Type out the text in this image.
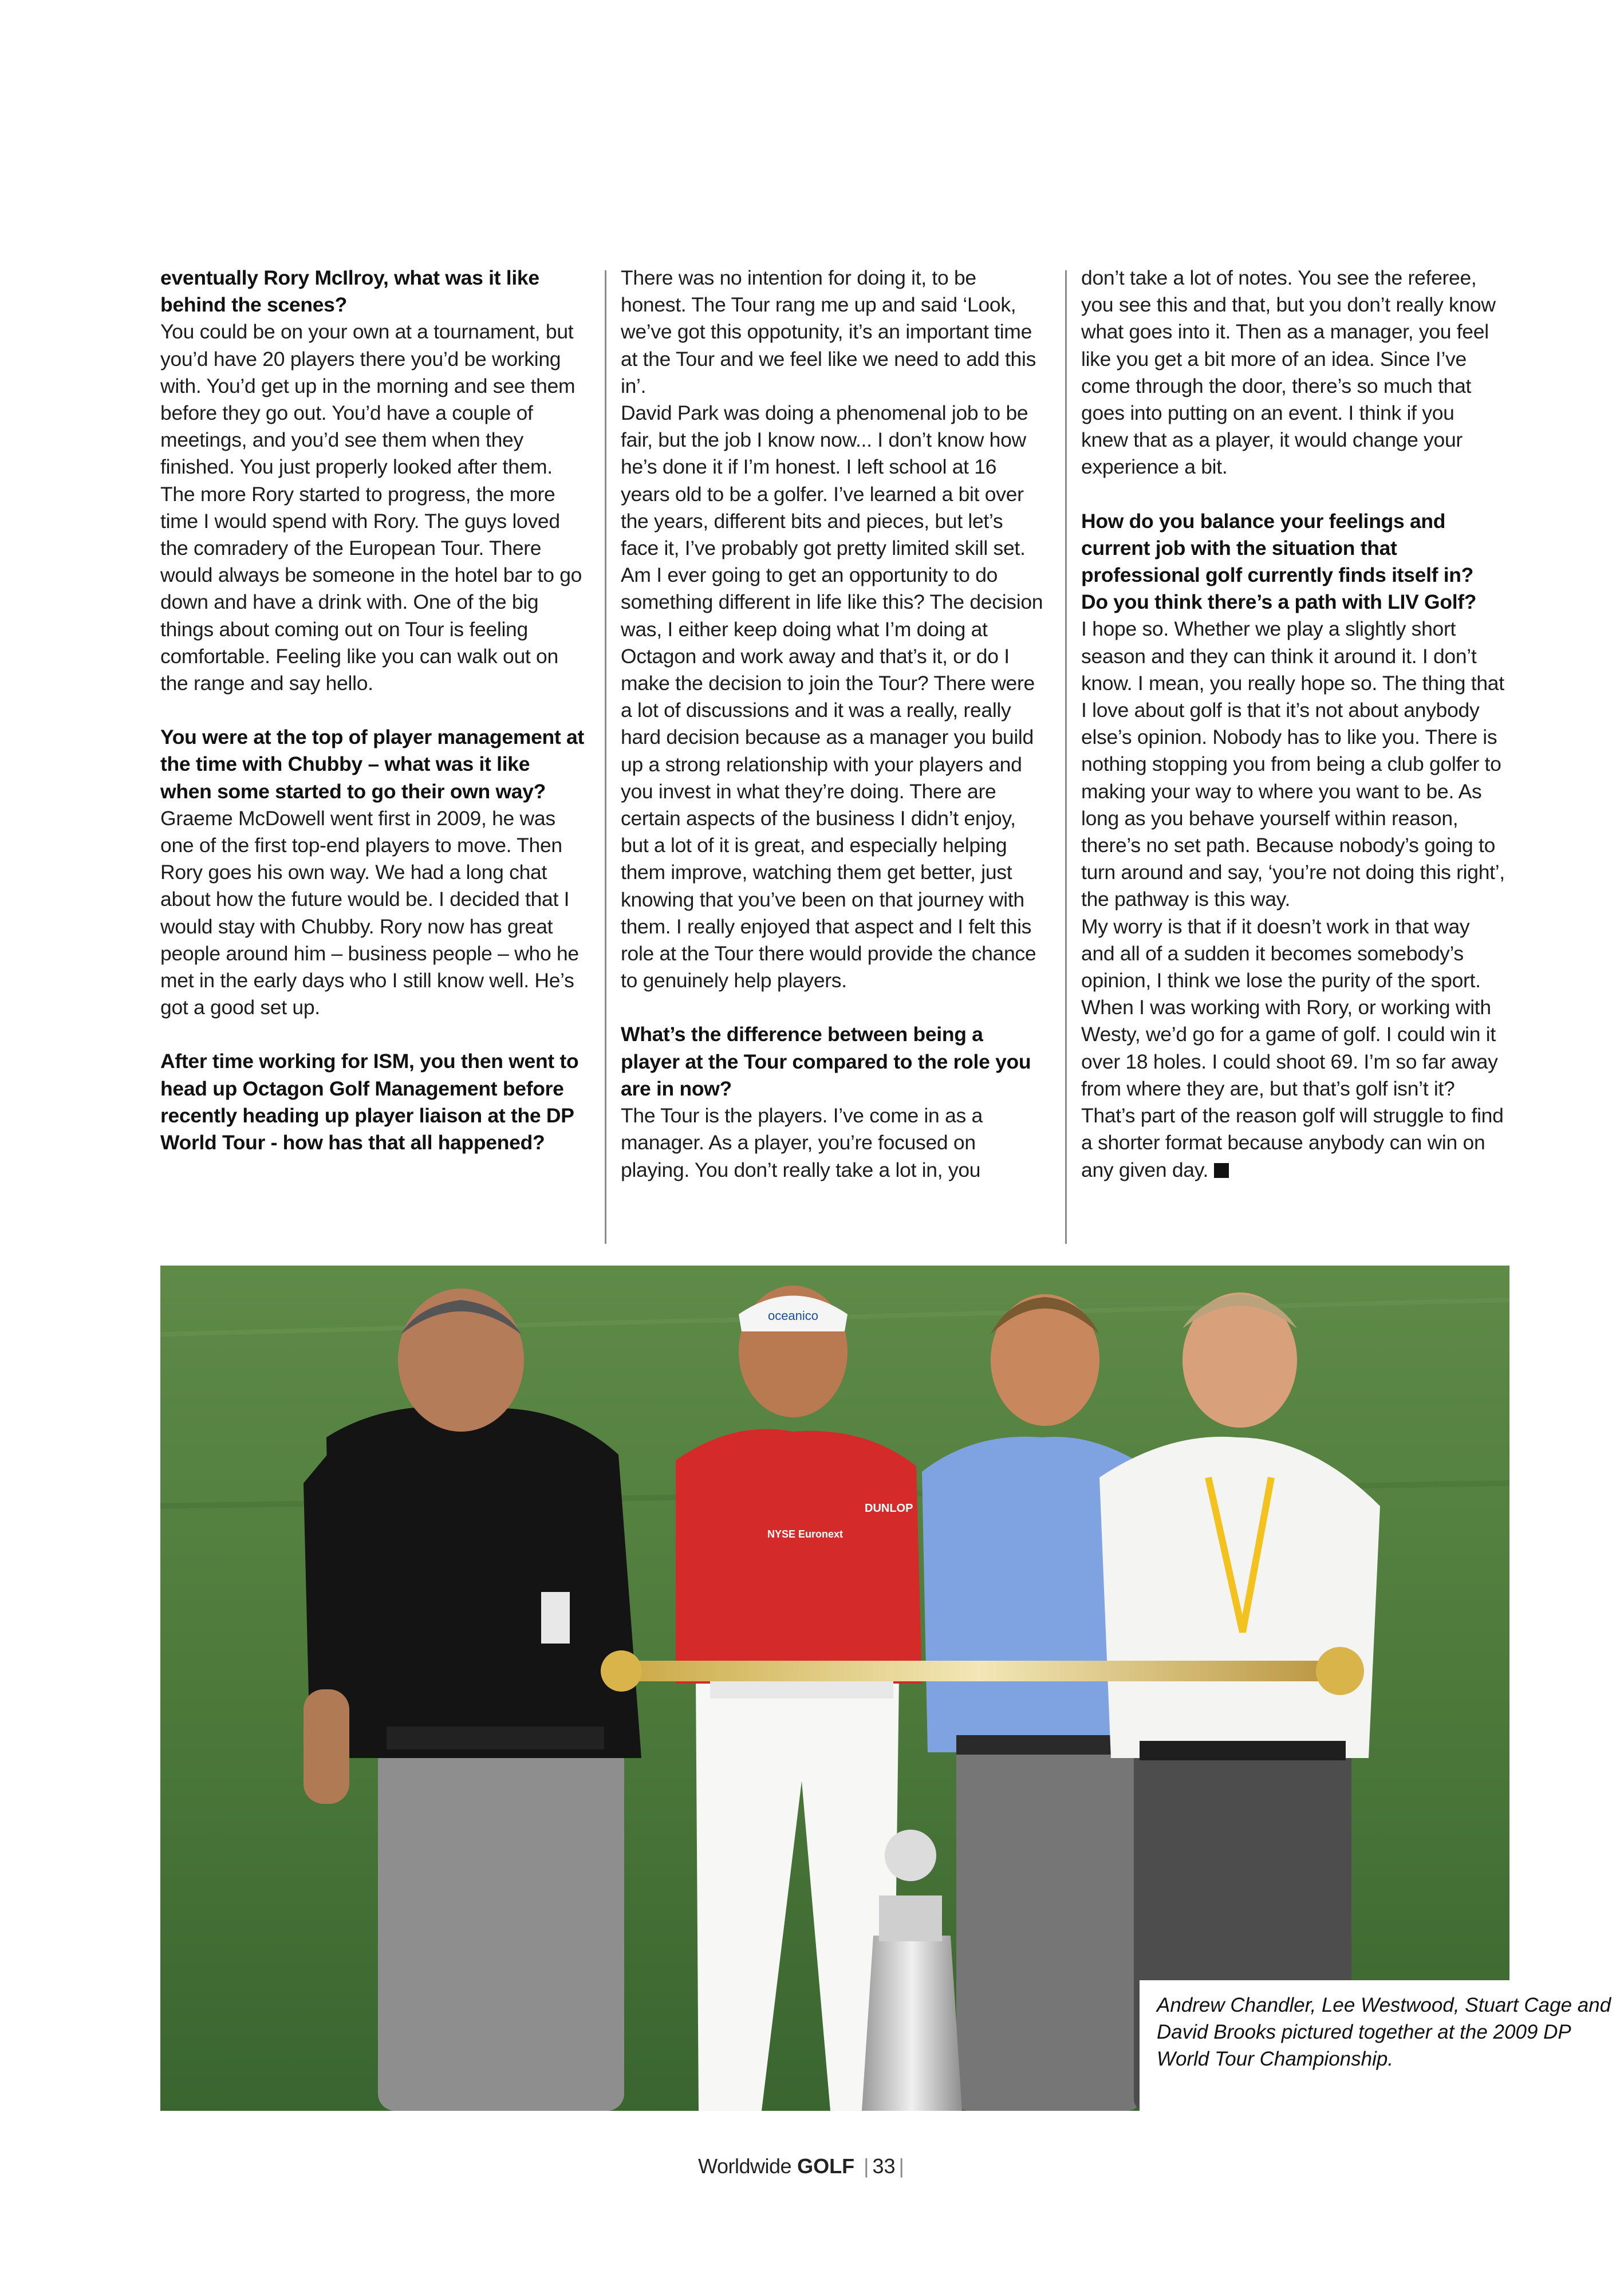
eventually Rory McIlroy, what was it like behind the scenes?

You could be on your own at a tournament, but you’d have 20 players there you’d be working with. You’d get up in the morning and see them before they go out. You’d have a couple of meetings, and you’d see them when they finished. You just properly looked after them. The more Rory started to progress, the more time I would spend with Rory. The guys loved the comradery of the European Tour. There would always be someone in the hotel bar to go down and have a drink with. One of the big things about coming out on Tour is feeling comfortable. Feeling like you can walk out on the range and say hello.

You were at the top of player management at the time with Chubby – what was it like when some started to go their own way?

Graeme McDowell went first in 2009, he was one of the first top-end players to move. Then Rory goes his own way. We had a long chat about how the future would be. I decided that I would stay with Chubby. Rory now has great people around him – business people – who he met in the early days who I still know well. He’s got a good set up.

After time working for ISM, you then went to head up Octagon Golf Management before recently heading up player liaison at the DP World Tour - how has that all happened?

There was no intention for doing it, to be honest. The Tour rang me up and said ‘Look, we’ve got this oppotunity, it’s an important time at the Tour and we feel like we need to add this in’.

David Park was doing a phenomenal job to be fair, but the job I know now... I don’t know how he’s done it if I’m honest. I left school at 16 years old to be a golfer. I’ve learned a bit over the years, different bits and pieces, but let’s face it, I’ve probably got pretty limited skill set. Am I ever going to get an opportunity to do something different in life like this? The decision was, I either keep doing what I’m doing at Octagon and work away and that’s it, or do I make the decision to join the Tour? There were a lot of discussions and it was a really, really hard decision because as a manager you build up a strong relationship with your players and you invest in what they’re doing. There are certain aspects of the business I didn’t enjoy, but a lot of it is great, and especially helping them improve, watching them get better, just knowing that you’ve been on that journey with them. I really enjoyed that aspect and I felt this role at the Tour there would provide the chance to genuinely help players.

What’s the difference between being a player at the Tour compared to the role you are in now?

The Tour is the players. I’ve come in as a manager. As a player, you’re focused on playing. You don’t really take a lot in, you

don’t take a lot of notes. You see the referee, you see this and that, but you don’t really know what goes into it. Then as a manager, you feel like you get a bit more of an idea. Since I’ve come through the door, there’s so much that goes into putting on an event. I think if you knew that as a player, it would change your experience a bit.

How do you balance your feelings and current job with the situation that professional golf currently finds itself in? Do you think there’s a path with LIV Golf?

I hope so. Whether we play a slightly short season and they can think it around it. I don’t know. I mean, you really hope so. The thing that I love about golf is that it’s not about anybody else’s opinion. Nobody has to like you. There is nothing stopping you from being a club golfer to making your way to where you want to be. As long as you behave yourself within reason, there’s no set path. Because nobody’s going to turn around and say, ‘you’re not doing this right’, the pathway is this way.

My worry is that if it doesn’t work in that way and all of a sudden it becomes somebody’s opinion, I think we lose the purity of the sport. When I was working with Rory, or working with Westy, we’d go for a game of golf. I could win it over 18 holes. I could shoot 69. I’m so far away from where they are, but that’s golf isn’t it? That’s part of the reason golf will struggle to find a shorter format because anybody can win on any given day.

oceanico
DUNLOP
NYSE Euronext
Andrew Chandler, Lee Westwood, Stuart Cage and David Brooks pictured together at the 2009 DP World Tour Championship.
Worldwide GOLF | 33 |
